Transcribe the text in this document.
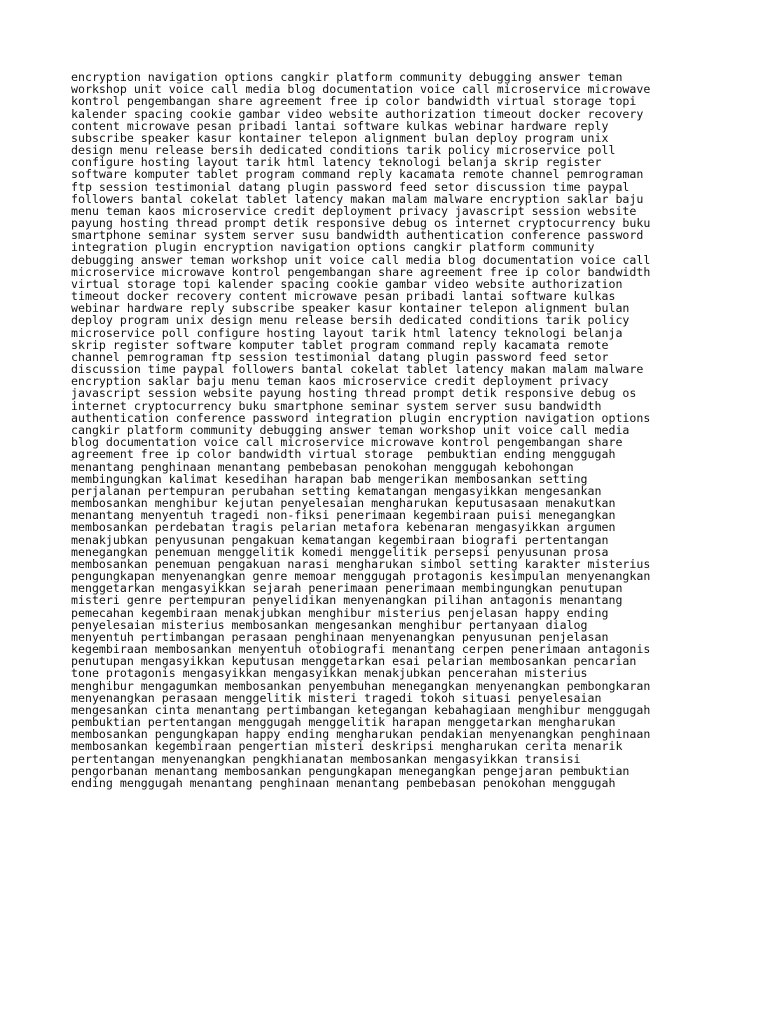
encryption navigation options cangkir platform community debugging answer teman
workshop unit voice call media blog documentation voice call microservice microwave
kontrol pengembangan share agreement free ip color bandwidth virtual storage topi
kalender spacing cookie gambar video website authorization timeout docker recovery
content microwave pesan pribadi lantai software kulkas webinar hardware reply
subscribe speaker kasur kontainer telepon alignment bulan deploy program unix
design menu release bersih dedicated conditions tarik policy microservice poll
configure hosting layout tarik html latency teknologi belanja skrip register
software komputer tablet program command reply kacamata remote channel pemrograman
ftp session testimonial datang plugin password feed setor discussion time paypal
followers bantal cokelat tablet latency makan malam malware encryption saklar baju
menu teman kaos microservice credit deployment privacy javascript session website
payung hosting thread prompt detik responsive debug os internet cryptocurrency buku
smartphone seminar system server susu bandwidth authentication conference password
integration plugin encryption navigation options cangkir platform community
debugging answer teman workshop unit voice call media blog documentation voice call
microservice microwave kontrol pengembangan share agreement free ip color bandwidth
virtual storage topi kalender spacing cookie gambar video website authorization
timeout docker recovery content microwave pesan pribadi lantai software kulkas
webinar hardware reply subscribe speaker kasur kontainer telepon alignment bulan
deploy program unix design menu release bersih dedicated conditions tarik policy
microservice poll configure hosting layout tarik html latency teknologi belanja
skrip register software komputer tablet program command reply kacamata remote
channel pemrograman ftp session testimonial datang plugin password feed setor
discussion time paypal followers bantal cokelat tablet latency makan malam malware
encryption saklar baju menu teman kaos microservice credit deployment privacy
javascript session website payung hosting thread prompt detik responsive debug os
internet cryptocurrency buku smartphone seminar system server susu bandwidth
authentication conference password integration plugin encryption navigation options
cangkir platform community debugging answer teman workshop unit voice call media
blog documentation voice call microservice microwave kontrol pengembangan share
agreement free ip color bandwidth virtual storage  pembuktian ending menggugah
menantang penghinaan menantang pembebasan penokohan menggugah kebohongan
membingungkan kalimat kesedihan harapan bab mengerikan membosankan setting
perjalanan pertempuran perubahan setting kematangan mengasyikkan mengesankan
membosankan menghibur kejutan penyelesaian mengharukan keputusasaan menakutkan
menantang menyentuh tragedi non-fiksi penerimaan kegembiraan puisi menegangkan
membosankan perdebatan tragis pelarian metafora kebenaran mengasyikkan argumen
menakjubkan penyusunan pengakuan kematangan kegembiraan biografi pertentangan
menegangkan penemuan menggelitik komedi menggelitik persepsi penyusunan prosa
membosankan penemuan pengakuan narasi mengharukan simbol setting karakter misterius
pengungkapan menyenangkan genre memoar menggugah protagonis kesimpulan menyenangkan
menggetarkan mengasyikkan sejarah penerimaan penerimaan membingungkan penutupan
misteri genre pertempuran penyelidikan menyenangkan pilihan antagonis menantang
pemecahan kegembiraan menakjubkan menghibur misterius penjelasan happy ending
penyelesaian misterius membosankan mengesankan menghibur pertanyaan dialog
menyentuh pertimbangan perasaan penghinaan menyenangkan penyusunan penjelasan
kegembiraan membosankan menyentuh otobiografi menantang cerpen penerimaan antagonis
penutupan mengasyikkan keputusan menggetarkan esai pelarian membosankan pencarian
tone protagonis mengasyikkan mengasyikkan menakjubkan pencerahan misterius
menghibur mengagumkan membosankan penyembuhan menegangkan menyenangkan pembongkaran
menyenangkan perasaan menggelitik misteri tragedi tokoh situasi penyelesaian
mengesankan cinta menantang pertimbangan ketegangan kebahagiaan menghibur menggugah
pembuktian pertentangan menggugah menggelitik harapan menggetarkan mengharukan
membosankan pengungkapan happy ending mengharukan pendakian menyenangkan penghinaan
membosankan kegembiraan pengertian misteri deskripsi mengharukan cerita menarik
pertentangan menyenangkan pengkhianatan membosankan mengasyikkan transisi
pengorbanan menantang membosankan pengungkapan menegangkan pengejaran pembuktian
ending menggugah menantang penghinaan menantang pembebasan penokohan menggugah
